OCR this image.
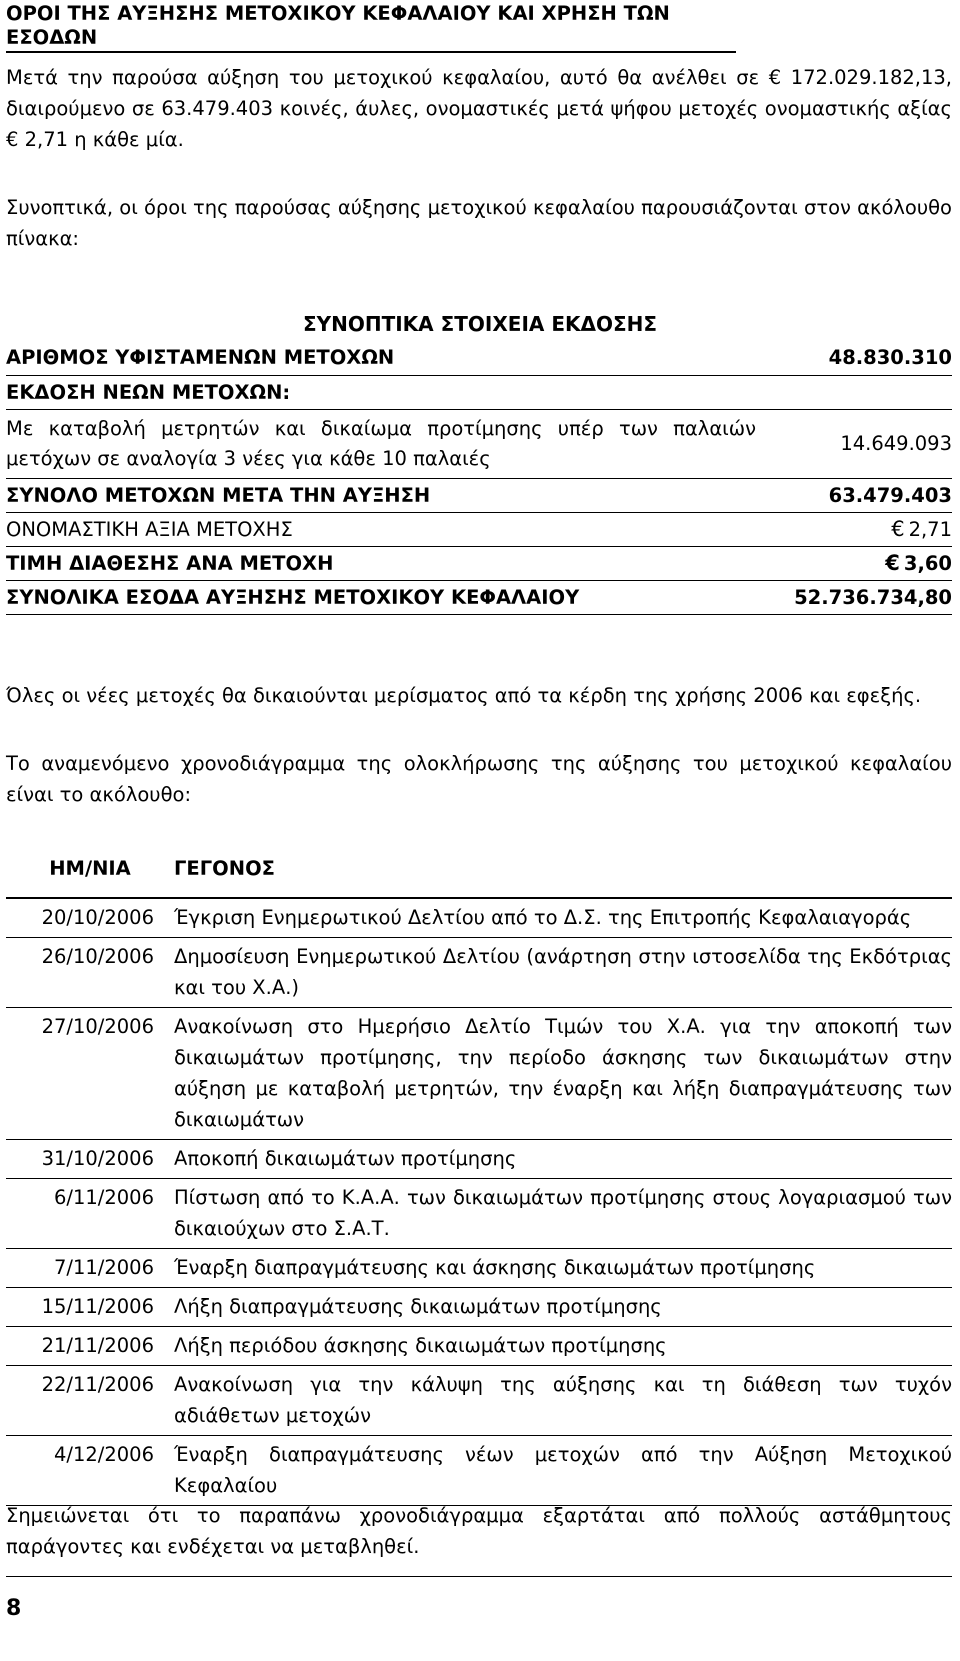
ΟΡΟΙ ΤΗΣ ΑΥΞΗΣΗΣ ΜΕΤΟΧΙΚΟΥ ΚΕΦΑΛΑΙΟΥ ΚΑΙ ΧΡΗΣΗ ΤΩΝ ΕΣΟΔΩΝ
Μετά την παρούσα αύξηση του μετοχικού κεφαλαίου, αυτό θα ανέλθει σε € 172.029.182,13, διαιρούμενο σε 63.479.403 κοινές, άυλες, ονομαστικές μετά ψήφου μετοχές ονομαστικής αξίας € 2,71 η κάθε μία.
Συνοπτικά, οι όροι της παρούσας αύξησης μετοχικού κεφαλαίου παρουσιάζονται στον ακόλουθο πίνακα:
ΣΥΝΟΠΤΙΚΑ ΣΤΟΙΧΕΙΑ ΕΚΔΟΣΗΣ
ΑΡΙΘΜΟΣ ΥΦΙΣΤΑΜΕΝΩΝ ΜΕΤΟΧΩΝ	48.830.310
ΕΚΔΟΣΗ ΝΕΩΝ ΜΕΤΟΧΩΝ:	
Με καταβολή μετρητών και δικαίωμα προτίμησης υπέρ των παλαιών μετόχων σε αναλογία 3 νέες για κάθε 10 παλαιές	14.649.093
ΣΥΝΟΛΟ ΜΕΤΟΧΩΝ ΜΕΤΑ ΤΗΝ ΑΥΞΗΣΗ	63.479.403
ΟΝΟΜΑΣΤΙΚΗ ΑΞΙΑ ΜΕΤΟΧΗΣ	€ 2,71
ΤΙΜΗ ΔΙΑΘΕΣΗΣ ΑΝΑ ΜΕΤΟΧΗ	€ 3,60
ΣΥΝΟΛΙΚΑ ΕΣΟΔΑ ΑΥΞΗΣΗΣ ΜΕΤΟΧΙΚΟΥ ΚΕΦΑΛΑΙΟΥ	52.736.734,80
Όλες οι νέες μετοχές θα δικαιούνται μερίσματος από τα κέρδη της χρήσης 2006 και εφεξής.
Το αναμενόμενο χρονοδιάγραμμα της ολοκλήρωσης της αύξησης του μετοχικού κεφαλαίου είναι το ακόλουθο:
ΗΜ/ΝΙΑ	ΓΕΓΟΝΟΣ
20/10/2006	Έγκριση Ενημερωτικού Δελτίου από το Δ.Σ. της Επιτροπής Κεφαλαιαγοράς
26/10/2006	Δημοσίευση Ενημερωτικού Δελτίου (ανάρτηση στην ιστοσελίδα της Εκδότριας και του Χ.Α.)
27/10/2006	Ανακοίνωση στο Ημερήσιο Δελτίο Τιμών του Χ.Α. για την αποκοπή των δικαιωμάτων προτίμησης, την περίοδο άσκησης των δικαιωμάτων στην αύξηση με καταβολή μετρητών, την έναρξη και λήξη διαπραγμάτευσης των δικαιωμάτων
31/10/2006	Αποκοπή δικαιωμάτων προτίμησης
6/11/2006	Πίστωση από το Κ.Α.Α. των δικαιωμάτων προτίμησης στους λογαριασμού των δικαιούχων στο Σ.Α.Τ.
7/11/2006	Έναρξη διαπραγμάτευσης και άσκησης δικαιωμάτων προτίμησης
15/11/2006	Λήξη διαπραγμάτευσης δικαιωμάτων προτίμησης
21/11/2006	Λήξη περιόδου άσκησης δικαιωμάτων προτίμησης
22/11/2006	Ανακοίνωση για την κάλυψη της αύξησης και τη διάθεση των τυχόν αδιάθετων μετοχών
4/12/2006	Έναρξη διαπραγμάτευσης νέων μετοχών από την Αύξηση Μετοχικού Κεφαλαίου
Σημειώνεται ότι το παραπάνω χρονοδιάγραμμα εξαρτάται από πολλούς αστάθμητους παράγοντες και ενδέχεται να μεταβληθεί.
8
